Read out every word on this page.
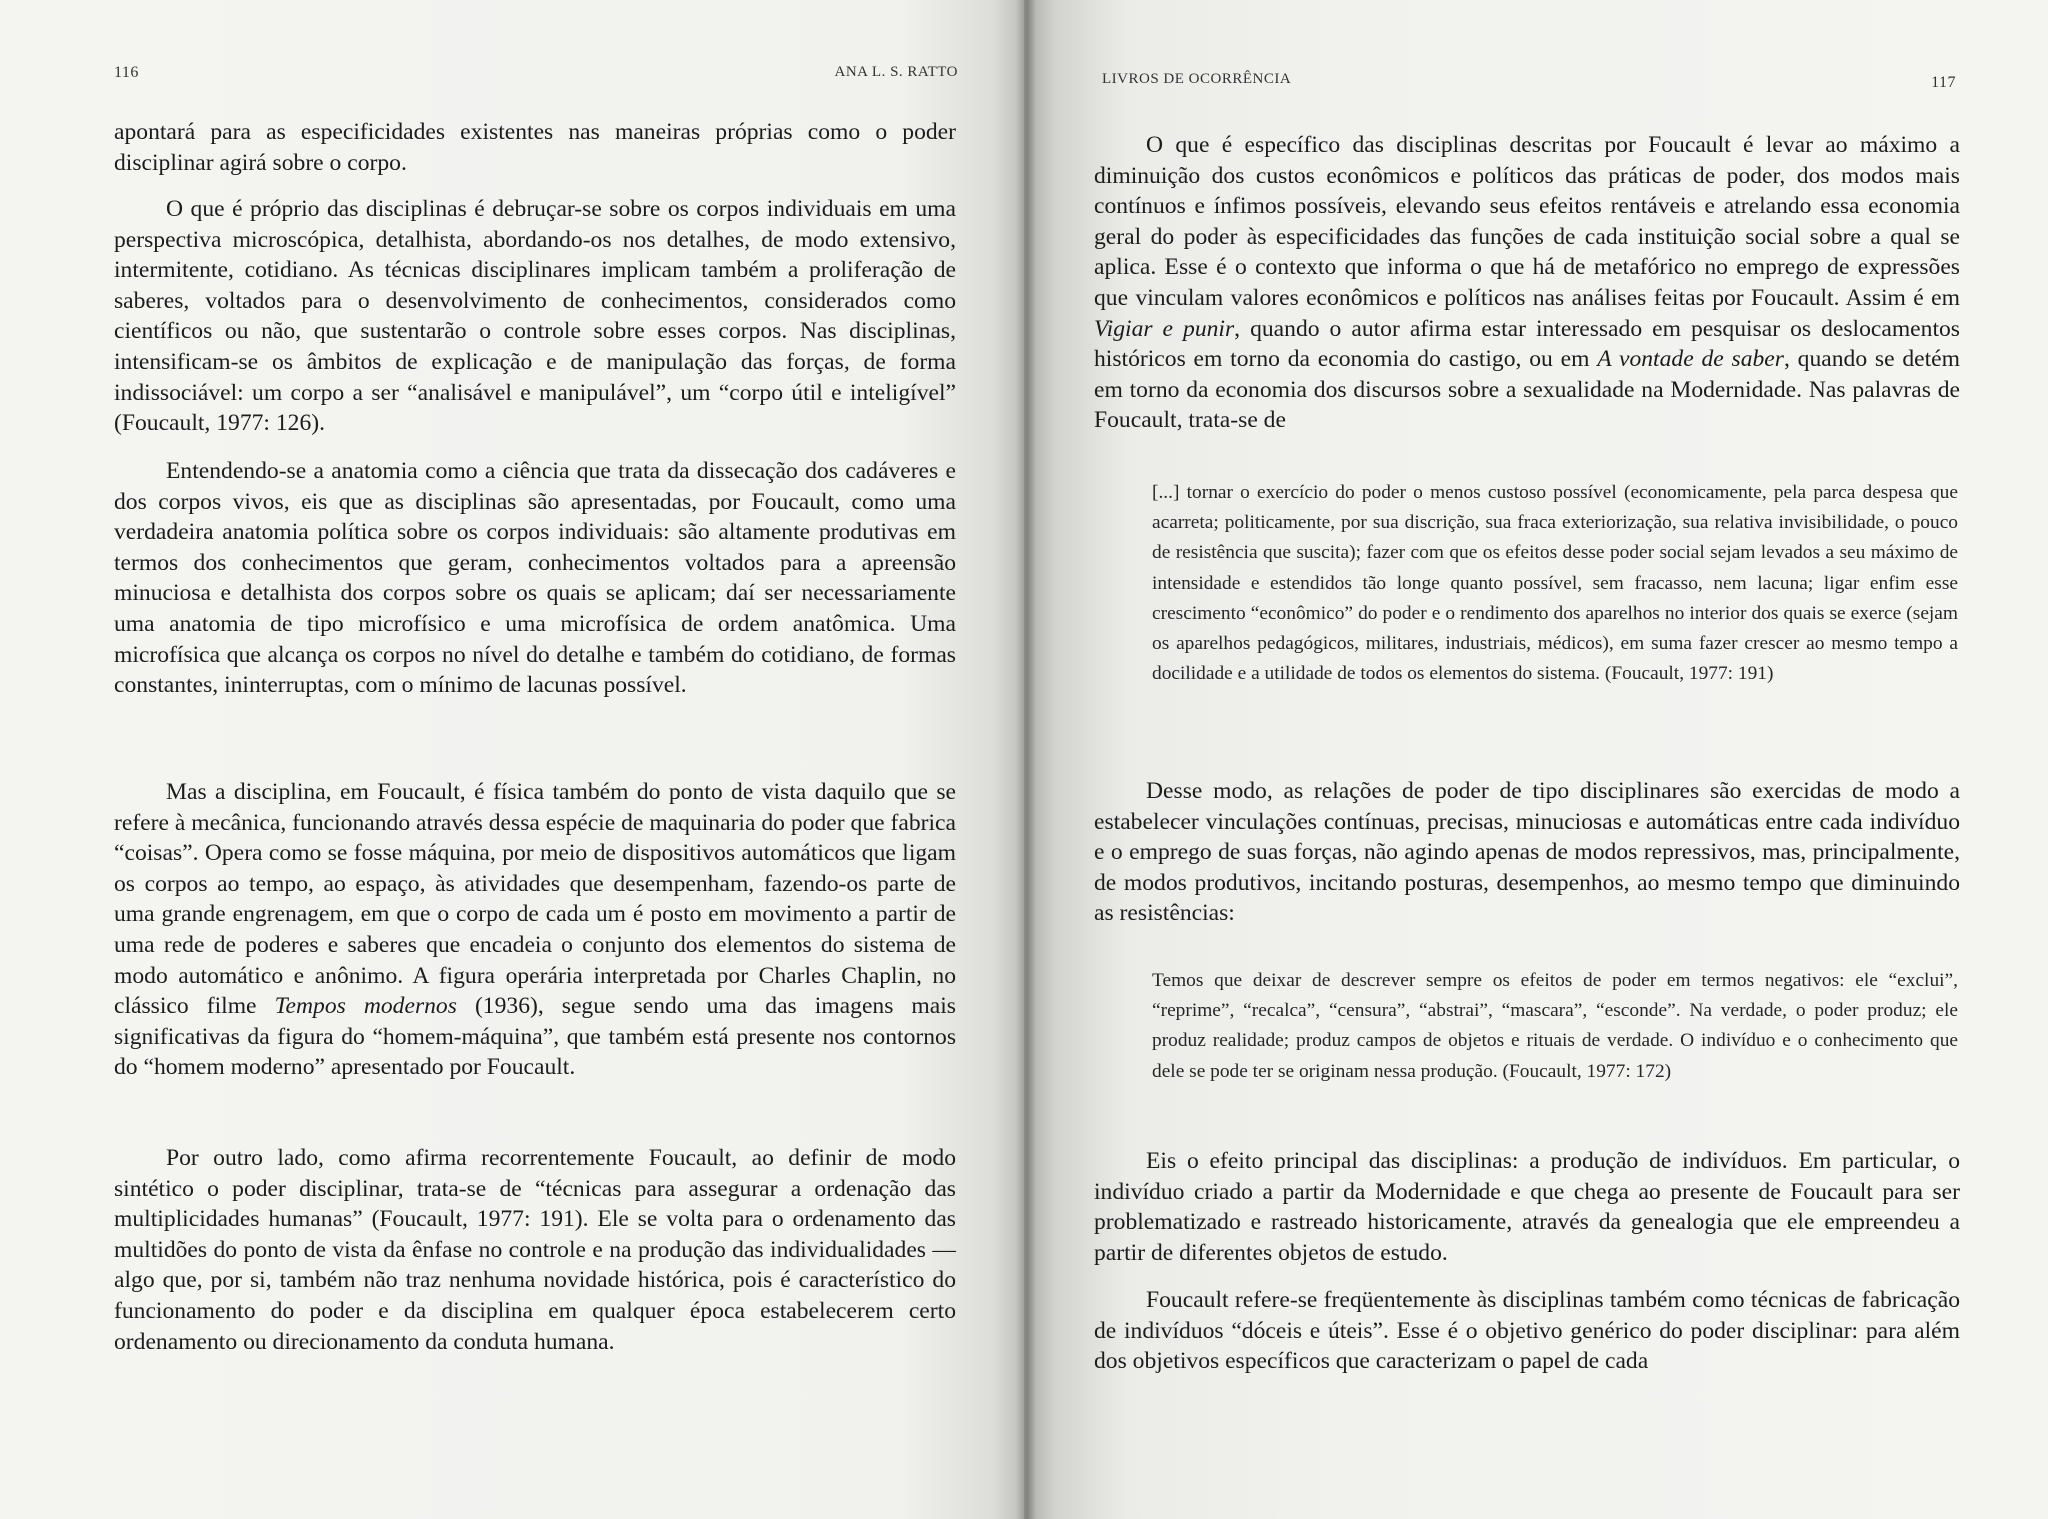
116	ANA L. S. RATTO

apontará para as especificidades existentes nas maneiras próprias como o poder disciplinar agirá sobre o corpo.

O que é próprio das disciplinas é debruçar-se sobre os corpos individuais em uma perspectiva microscópica, detalhista, abordando-os nos detalhes, de modo extensivo, intermitente, cotidiano. As técnicas disciplinares implicam também a proliferação de saberes, voltados para o desenvolvimento de conhecimentos, considerados como científicos ou não, que sustentarão o controle sobre esses corpos. Nas disciplinas, intensificam-se os âmbitos de explicação e de manipulação das forças, de forma indissociável: um corpo a ser “analisável e manipulável”, um “corpo útil e inteligível” (Foucault, 1977: 126).

Entendendo-se a anatomia como a ciência que trata da dissecação dos cadáveres e dos corpos vivos, eis que as disciplinas são apresentadas, por Foucault, como uma verdadeira anatomia política sobre os corpos individuais: são altamente produtivas em termos dos conhecimentos que geram, conhecimentos voltados para a apreensão minuciosa e detalhista dos corpos sobre os quais se aplicam; daí ser necessariamente uma anatomia de tipo microfísico e uma microfísica de ordem anatômica. Uma microfísica que alcança os corpos no nível do detalhe e também do cotidiano, de formas constantes, ininterruptas, com o mínimo de lacunas possível.

Mas a disciplina, em Foucault, é física também do ponto de vista daquilo que se refere à mecânica, funcionando através dessa espécie de maquinaria do poder que fabrica “coisas”. Opera como se fosse máquina, por meio de dispositivos automáticos que ligam os corpos ao tempo, ao espaço, às atividades que desempenham, fazendo-os parte de uma grande engrenagem, em que o corpo de cada um é posto em movimento a partir de uma rede de poderes e saberes que encadeia o conjunto dos elementos do sistema de modo automático e anônimo. A figura operária interpretada por Charles Chaplin, no clássico filme Tempos modernos (1936), segue sendo uma das imagens mais significativas da figura do “homem-máquina”, que também está presente nos contornos do “homem moderno” apresentado por Foucault.

Por outro lado, como afirma recorrentemente Foucault, ao definir de modo sintético o poder disciplinar, trata-se de “técnicas para assegurar a ordenação das multiplicidades humanas” (Foucault, 1977: 191). Ele se volta para o ordenamento das multidões do ponto de vista da ênfase no controle e na produção das individualidades — algo que, por si, também não traz nenhuma novidade histórica, pois é característico do funcionamento do poder e da disciplina em qualquer época estabelecerem certo ordenamento ou direcionamento da conduta humana.

LIVROS DE OCORRÊNCIA	117

O que é específico das disciplinas descritas por Foucault é levar ao máximo a diminuição dos custos econômicos e políticos das práticas de poder, dos modos mais contínuos e ínfimos possíveis, elevando seus efeitos rentáveis e atrelando essa economia geral do poder às especificidades das funções de cada instituição social sobre a qual se aplica. Esse é o contexto que informa o que há de metafórico no emprego de expressões que vinculam valores econômicos e políticos nas análises feitas por Foucault. Assim é em Vigiar e punir, quando o autor afirma estar interessado em pesquisar os deslocamentos históricos em torno da economia do castigo, ou em A vontade de saber, quando se detém em torno da economia dos discursos sobre a sexualidade na Modernidade. Nas palavras de Foucault, trata-se de

[...] tornar o exercício do poder o menos custoso possível (economicamente, pela parca despesa que acarreta; politicamente, por sua discrição, sua fraca exteriorização, sua relativa invisibilidade, o pouco de resistência que suscita); fazer com que os efeitos desse poder social sejam levados a seu máximo de intensidade e estendidos tão longe quanto possível, sem fracasso, nem lacuna; ligar enfim esse crescimento “econômico” do poder e o rendimento dos aparelhos no interior dos quais se exerce (sejam os aparelhos pedagógicos, militares, industriais, médicos), em suma fazer crescer ao mesmo tempo a docilidade e a utilidade de todos os elementos do sistema. (Foucault, 1977: 191)

Desse modo, as relações de poder de tipo disciplinares são exercidas de modo a estabelecer vinculações contínuas, precisas, minuciosas e automáticas entre cada indivíduo e o emprego de suas forças, não agindo apenas de modos repressivos, mas, principalmente, de modos produtivos, incitando posturas, desempenhos, ao mesmo tempo que diminuindo as resistências:

Temos que deixar de descrever sempre os efeitos de poder em termos negativos: ele “exclui”, “reprime”, “recalca”, “censura”, “abstrai”, “mascara”, “esconde”. Na verdade, o poder produz; ele produz realidade; produz campos de objetos e rituais de verdade. O indivíduo e o conhecimento que dele se pode ter se originam nessa produção. (Foucault, 1977: 172)

Eis o efeito principal das disciplinas: a produção de indivíduos. Em particular, o indivíduo criado a partir da Modernidade e que chega ao presente de Foucault para ser problematizado e rastreado historicamente, através da genealogia que ele empreendeu a partir de diferentes objetos de estudo.

Foucault refere-se freqüentemente às disciplinas também como técnicas de fabricação de indivíduos “dóceis e úteis”. Esse é o objetivo genérico do poder disciplinar: para além dos objetivos específicos que caracterizam o papel de cada
